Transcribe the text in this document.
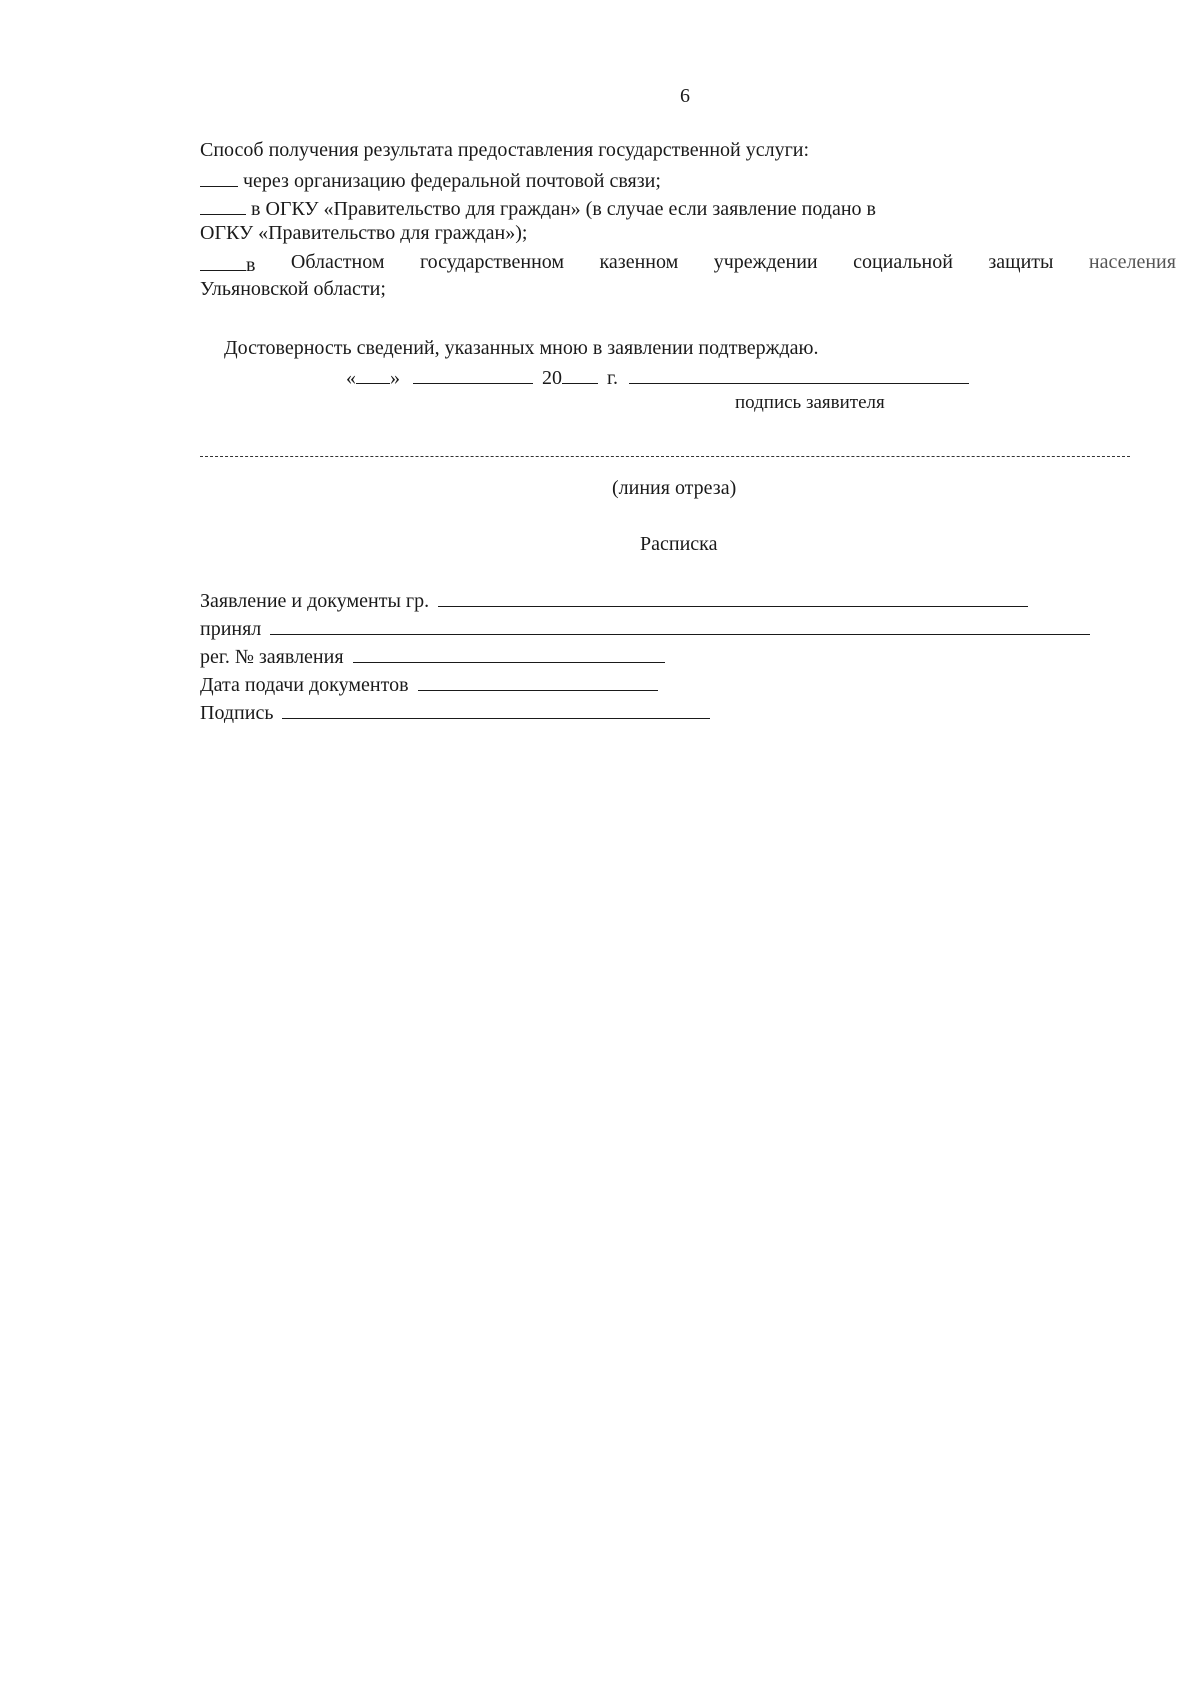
6
Способ получения результата предоставления государственной услуги:
через организацию федеральной почтовой связи;
в ОГКУ «Правительство для граждан» (в случае если заявление подано в
ОГКУ «Правительство для граждан»);
в Областном государственном казенном учреждении социальной защиты населения
Ульяновской области;
Достоверность сведений, указанных мною в заявлении подтверждаю.
« »	20 г.
подпись заявителя
(линия отреза)
Расписка
Заявление и документы гр.
принял
рег. № заявления
Дата подачи документов
Подпись
